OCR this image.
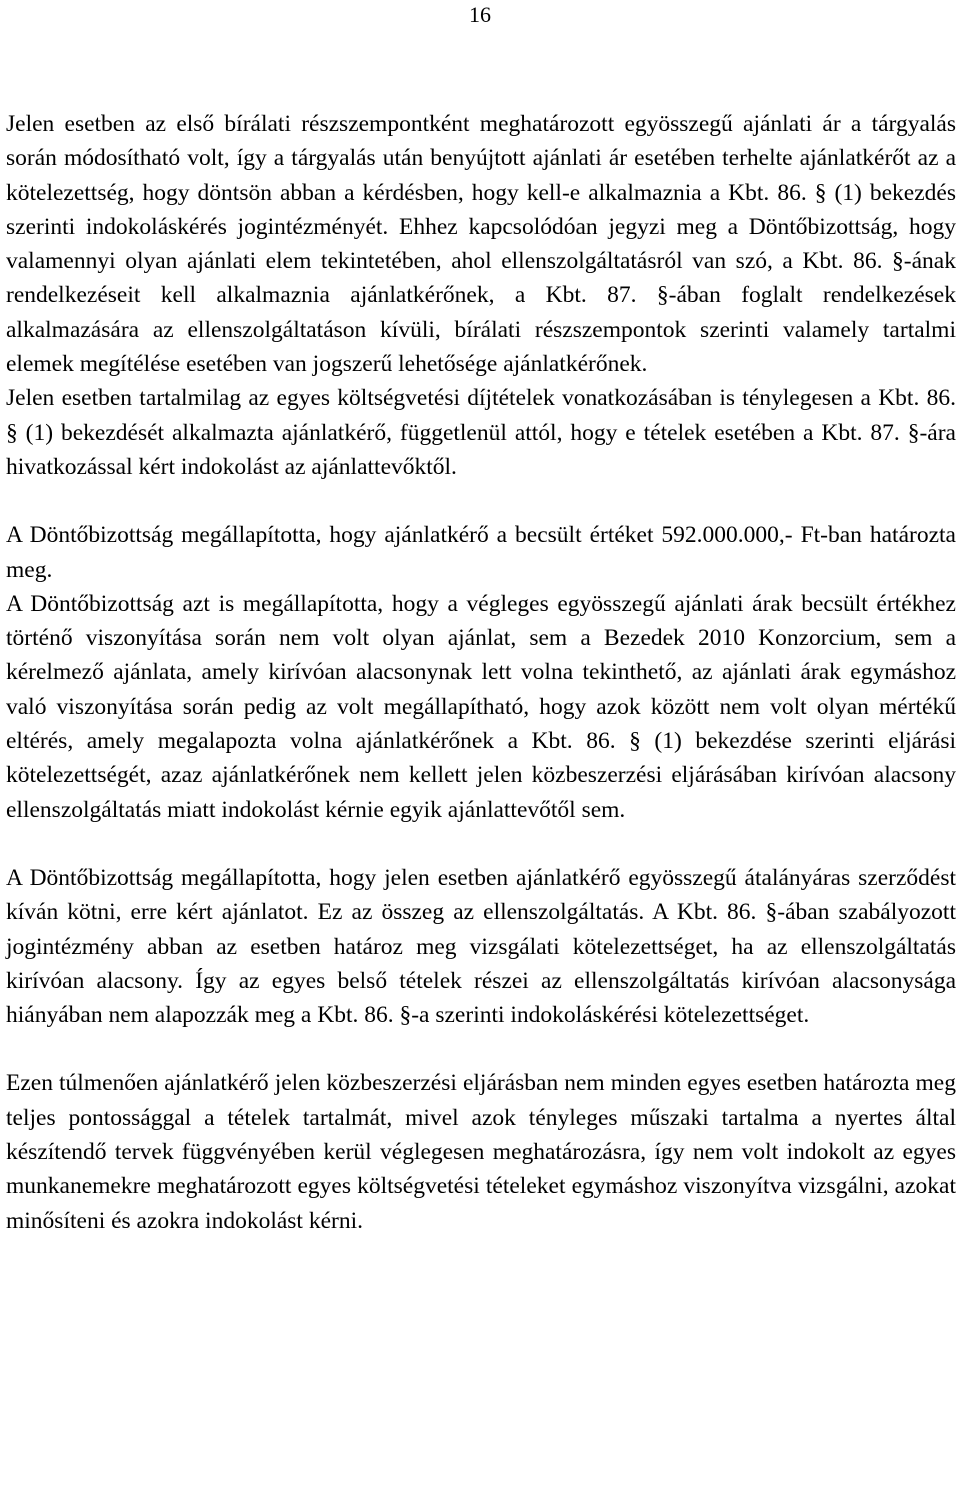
16

Jelen esetben az első bírálati részszempontként meghatározott egyösszegű ajánlati ár a tárgyalás során módosítható volt, így a tárgyalás után benyújtott ajánlati ár esetében terhelte ajánlatkérőt az a kötelezettség, hogy döntsön abban a kérdésben, hogy kell-e alkalmaznia a Kbt. 86. § (1) bekezdés szerinti indokoláskérés jogintézményét. Ehhez kapcsolódóan jegyzi meg a Döntőbizottság, hogy valamennyi olyan ajánlati elem tekintetében, ahol ellenszolgáltatásról van szó, a Kbt. 86. §-ának rendelkezéseit kell alkalmaznia ajánlatkérőnek, a Kbt. 87. §-ában foglalt rendelkezések alkalmazására az ellenszolgáltatáson kívüli, bírálati részszempontok szerinti valamely tartalmi elemek megítélése esetében van jogszerű lehetősége ajánlatkérőnek.

Jelen esetben tartalmilag az egyes költségvetési díjtételek vonatkozásában is ténylegesen a Kbt. 86. § (1) bekezdését alkalmazta ajánlatkérő, függetlenül attól, hogy e tételek esetében a Kbt. 87. §-ára hivatkozással kért indokolást az ajánlattevőktől.

A Döntőbizottság megállapította, hogy ajánlatkérő a becsült értéket 592.000.000,- Ft-ban határozta meg.

A Döntőbizottság azt is megállapította, hogy a végleges egyösszegű ajánlati árak becsült értékhez történő viszonyítása során nem volt olyan ajánlat, sem a Bezedek 2010 Konzorcium, sem a kérelmező ajánlata, amely kirívóan alacsonynak lett volna tekinthető, az ajánlati árak egymáshoz való viszonyítása során pedig az volt megállapítható, hogy azok között nem volt olyan mértékű eltérés, amely megalapozta volna ajánlatkérőnek a Kbt. 86. § (1) bekezdése szerinti eljárási kötelezettségét, azaz ajánlatkérőnek nem kellett jelen közbeszerzési eljárásában kirívóan alacsony ellenszolgáltatás miatt indokolást kérnie egyik ajánlattevőtől sem.

A Döntőbizottság megállapította, hogy jelen esetben ajánlatkérő egyösszegű átalányáras szerződést kíván kötni, erre kért ajánlatot. Ez az összeg az ellenszolgáltatás. A Kbt. 86. §-ában szabályozott jogintézmény abban az esetben határoz meg vizsgálati kötelezettséget, ha az ellenszolgáltatás kirívóan alacsony. Így az egyes belső tételek részei az ellenszolgáltatás kirívóan alacsonysága hiányában nem alapozzák meg a Kbt. 86. §-a szerinti indokoláskérési kötelezettséget.

Ezen túlmenően ajánlatkérő jelen közbeszerzési eljárásban nem minden egyes esetben határozta meg teljes pontossággal a tételek tartalmát, mivel azok tényleges műszaki tartalma a nyertes által készítendő tervek függvényében kerül véglegesen meghatározásra, így nem volt indokolt az egyes munkanemekre meghatározott egyes költségvetési tételeket egymáshoz viszonyítva vizsgálni, azokat minősíteni és azokra indokolást kérni.
